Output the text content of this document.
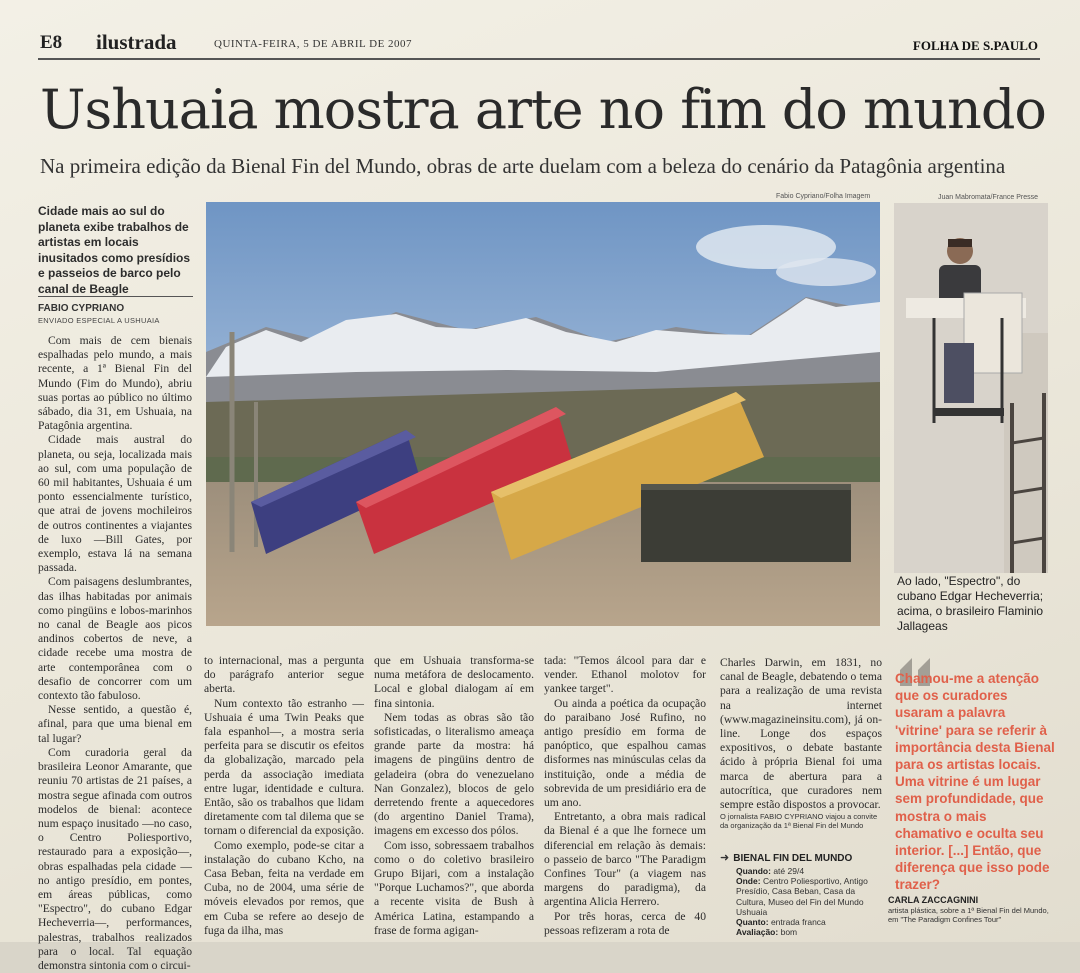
E8 ilustrada	QUINTA-FEIRA, 5 DE ABRIL DE 2007	FOLHA DE S.PAULO
Ushuaia mostra arte no fim do mundo
Na primeira edição da Bienal Fin del Mundo, obras de arte duelam com a beleza do cenário da Patagônia argentina
Cidade mais ao sul do planeta exibe trabalhos de artistas em locais inusitados como presídios e passeios de barco pelo canal de Beagle
FABIO CYPRIANO
ENVIADO ESPECIAL A USHUAIA

Com mais de cem bienais espalhadas pelo mundo, a mais recente, a 1ª Bienal Fin del Mundo (Fim do Mundo), abriu suas portas ao público no último sábado, dia 31, em Ushuaia, na Patagônia argentina.

Cidade mais austral do planeta, ou seja, localizada mais ao sul, com uma população de 60 mil habitantes, Ushuaia é um ponto essencialmente turístico, que atrai de jovens mochileiros de outros continentes a viajantes de luxo —Bill Gates, por exemplo, estava lá na semana passada.

Com paisagens deslumbrantes, das ilhas habitadas por animais como pingüins e lobos-marinhos no canal de Beagle aos picos andinos cobertos de neve, a cidade recebe uma mostra de arte contemporânea com o desafio de concorrer com um contexto tão fabuloso.

Nesse sentido, a questão é, afinal, para que uma bienal em tal lugar?

Com curadoria geral da brasileira Leonor Amarante, que reuniu 70 artistas de 21 países, a mostra segue afinada com outros modelos de bienal: acontece num espaço inusitado —no caso, o Centro Poliesportivo, restaurado para a exposição—, obras espalhadas pela cidade —no antigo presídio, em pontes, em áreas públicas, como "Espectro", do cubano Edgar Hecheverria—, performances, palestras, trabalhos realizados para o local. Tal equação demonstra sintonia com o circui-

Fabio Cypriano/Folha Imagem	Juan Mabromata/France Presse
Ao lado, "Espectro", do cubano Edgar Hecheverria; acima, o brasileiro Flaminio Jallageas

to internacional, mas a pergunta do parágrafo anterior segue aberta.

Num contexto tão estranho —Ushuaia é uma Twin Peaks que fala espanhol—, a mostra seria perfeita para se discutir os efeitos da globalização, marcado pela perda da associação imediata entre lugar, identidade e cultura. Então, são os trabalhos que lidam diretamente com tal dilema que se tornam o diferencial da exposição.

Como exemplo, pode-se citar a instalação do cubano Kcho, na Casa Beban, feita na verdade em Cuba, no de 2004, uma série de móveis elevados por remos, que em Cuba se refere ao desejo de fuga da ilha, mas

que em Ushuaia transforma-se numa metáfora de deslocamento. Local e global dialogam aí em fina sintonia.

Nem todas as obras são tão sofisticadas, o literalismo ameaça grande parte da mostra: há imagens de pingüins dentro de geladeira (obra do venezuelano Nan Gonzalez), blocos de gelo derretendo frente a aquecedores (do argentino Daniel Trama), imagens em excesso dos pólos.

Com isso, sobressaem trabalhos como o do coletivo brasileiro Grupo Bijari, com a instalação "Porque Luchamos?", que aborda a recente visita de Bush à América Latina, estampando a frase de forma agigan-

tada: "Temos álcool para dar e vender. Ethanol molotov for yankee target".

Ou ainda a poética da ocupação do paraibano José Rufino, no antigo presídio em forma de panóptico, que espalhou camas disformes nas minúsculas celas da instituição, onde a média de sobrevida de um presidiário era de um ano.

Entretanto, a obra mais radical da Bienal é a que lhe fornece um diferencial em relação às demais: o passeio de barco "The Paradigm Confines Tour" (a viagem nas margens do paradigma), da argentina Alicia Herrero.

Por três horas, cerca de 40 pessoas refizeram a rota de

Charles Darwin, em 1831, no canal de Beagle, debatendo o tema para a realização de uma revista na internet (www.magazineinsitu.com), já on-line. Longe dos espaços expositivos, o debate bastante ácido à própria Bienal foi uma marca de abertura para a autocrítica, que curadores nem sempre estão dispostos a provocar.

O jornalista FABIO CYPRIANO viajou a convite da organização da 1ª Bienal Fin del Mundo
➜ BIENAL FIN DEL MUNDO
Quando: até 29/4
Onde: Centro Poliesportivo, Antigo Presídio, Casa Beban, Casa da Cultura, Museo del Fin del Mundo Ushuaia
Quanto: entrada franca
Avaliação: bom
Chamou-me a atenção que os curadores usaram a palavra 'vitrine' para se referir à importância desta Bienal para os artistas locais. Uma vitrine é um lugar sem profundidade, que mostra o mais chamativo e oculta seu interior. [...] Então, que diferença que isso pode trazer?
CARLA ZACCAGNINI
artista plástica, sobre a 1ª Bienal Fin del Mundo, em "The Paradigm Confines Tour"
